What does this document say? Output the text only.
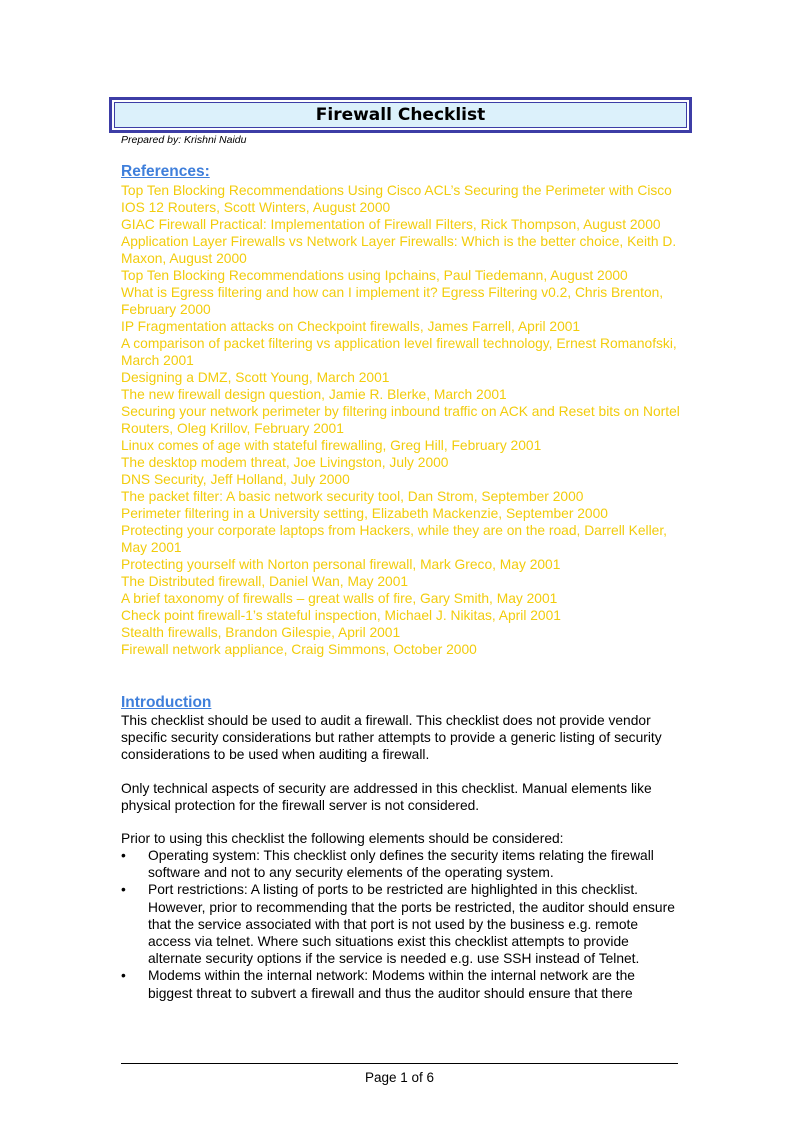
Firewall Checklist
Prepared by: Krishni Naidu
References:
Top Ten Blocking Recommendations Using Cisco ACL’s Securing the Perimeter with Cisco IOS 12 Routers, Scott Winters, August 2000
GIAC Firewall Practical: Implementation of Firewall Filters, Rick Thompson, August 2000
Application Layer Firewalls vs Network Layer Firewalls: Which is the better choice, Keith D. Maxon, August 2000
Top Ten Blocking Recommendations using Ipchains, Paul Tiedemann, August 2000
What is Egress filtering and how can I implement it? Egress Filtering v0.2, Chris Brenton, February 2000
IP Fragmentation attacks on Checkpoint firewalls, James Farrell, April 2001
A comparison of packet filtering vs application level firewall technology, Ernest Romanofski, March 2001
Designing a DMZ, Scott Young, March 2001
The new firewall design question, Jamie R. Blerke, March 2001
Securing your network perimeter by filtering inbound traffic on ACK and Reset bits on Nortel Routers, Oleg Krillov, February 2001
Linux comes of age with stateful firewalling, Greg Hill, February 2001
The desktop modem threat, Joe Livingston, July 2000
DNS Security, Jeff Holland, July 2000
The packet filter: A basic network security tool, Dan Strom, September 2000
Perimeter filtering in a University setting, Elizabeth Mackenzie, September 2000
Protecting your corporate laptops from Hackers, while they are on the road, Darrell Keller, May 2001
Protecting yourself with Norton personal firewall, Mark Greco, May 2001
The Distributed firewall, Daniel Wan, May 2001
A brief taxonomy of firewalls – great walls of fire, Gary Smith, May 2001
Check point firewall-1’s stateful inspection, Michael J. Nikitas, April 2001
Stealth firewalls, Brandon Gilespie, April 2001
Firewall network appliance, Craig Simmons, October 2000
Introduction
This checklist should be used to audit a firewall. This checklist does not provide vendor specific security considerations but rather attempts to provide a generic listing of security considerations to be used when auditing a firewall.
Only technical aspects of security are addressed in this checklist. Manual elements like physical protection for the firewall server is not considered.
Prior to using this checklist the following elements should be considered:
• Operating system: This checklist only defines the security items relating the firewall software and not to any security elements of the operating system.
• Port restrictions: A listing of ports to be restricted are highlighted in this checklist. However, prior to recommending that the ports be restricted, the auditor should ensure that the service associated with that port is not used by the business e.g. remote access via telnet. Where such situations exist this checklist attempts to provide alternate security options if the service is needed e.g. use SSH instead of Telnet.
• Modems within the internal network: Modems within the internal network are the biggest threat to subvert a firewall and thus the auditor should ensure that there
Page 1 of 6
